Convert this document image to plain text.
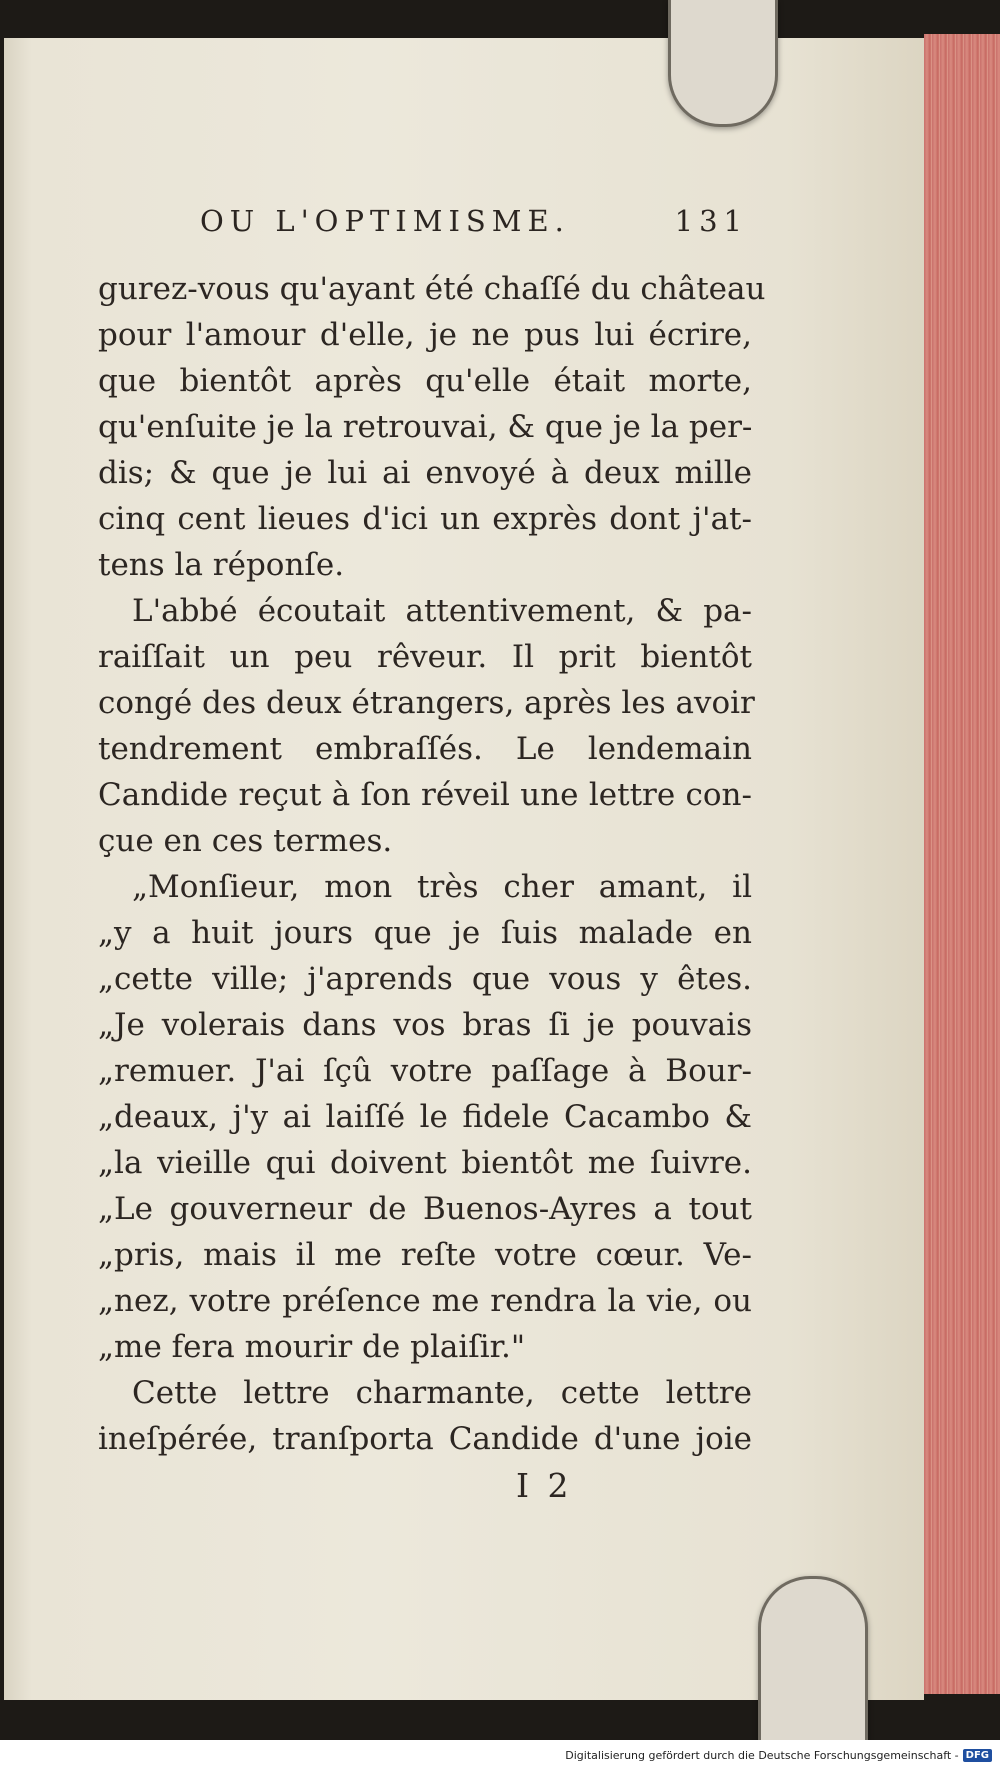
OU L'OPTIMISME.	131
gurez-vous qu'ayant été chaſſé du château
pour l'amour d'elle, je ne pus lui écrire,
que bientôt après qu'elle était morte,
qu'enſuite je la retrouvai, & que je la per-
dis; & que je lui ai envoyé à deux mille
cinq cent lieues d'ici un exprès dont j'at-
tens la réponſe.
L'abbé écoutait attentivement, & pa-
raiſſait un peu rêveur. Il prit bientôt
congé des deux étrangers, après les avoir
tendrement embraſſés. Le lendemain
Candide reçut à ſon réveil une lettre con-
çue en ces termes.
„Monſieur, mon très cher amant, il
„y a huit jours que je ſuis malade en
„cette ville; j'aprends que vous y êtes.
„Je volerais dans vos bras ſi je pouvais
„remuer. J'ai ſçû votre paſſage à Bour-
„deaux, j'y ai laiſſé le fidele Cacambo &
„la vieille qui doivent bientôt me ſuivre.
„Le gouverneur de Buenos-Ayres a tout
„pris, mais il me reſte votre cœur. Ve-
„nez, votre préſence me rendra la vie, ou
„me fera mourir de plaiſir."
Cette lettre charmante, cette lettre
ineſpérée, tranſporta Candide d'une joie
I 2
Digitalisierung gefördert durch die Deutsche Forschungsgemeinschaft - DFG
